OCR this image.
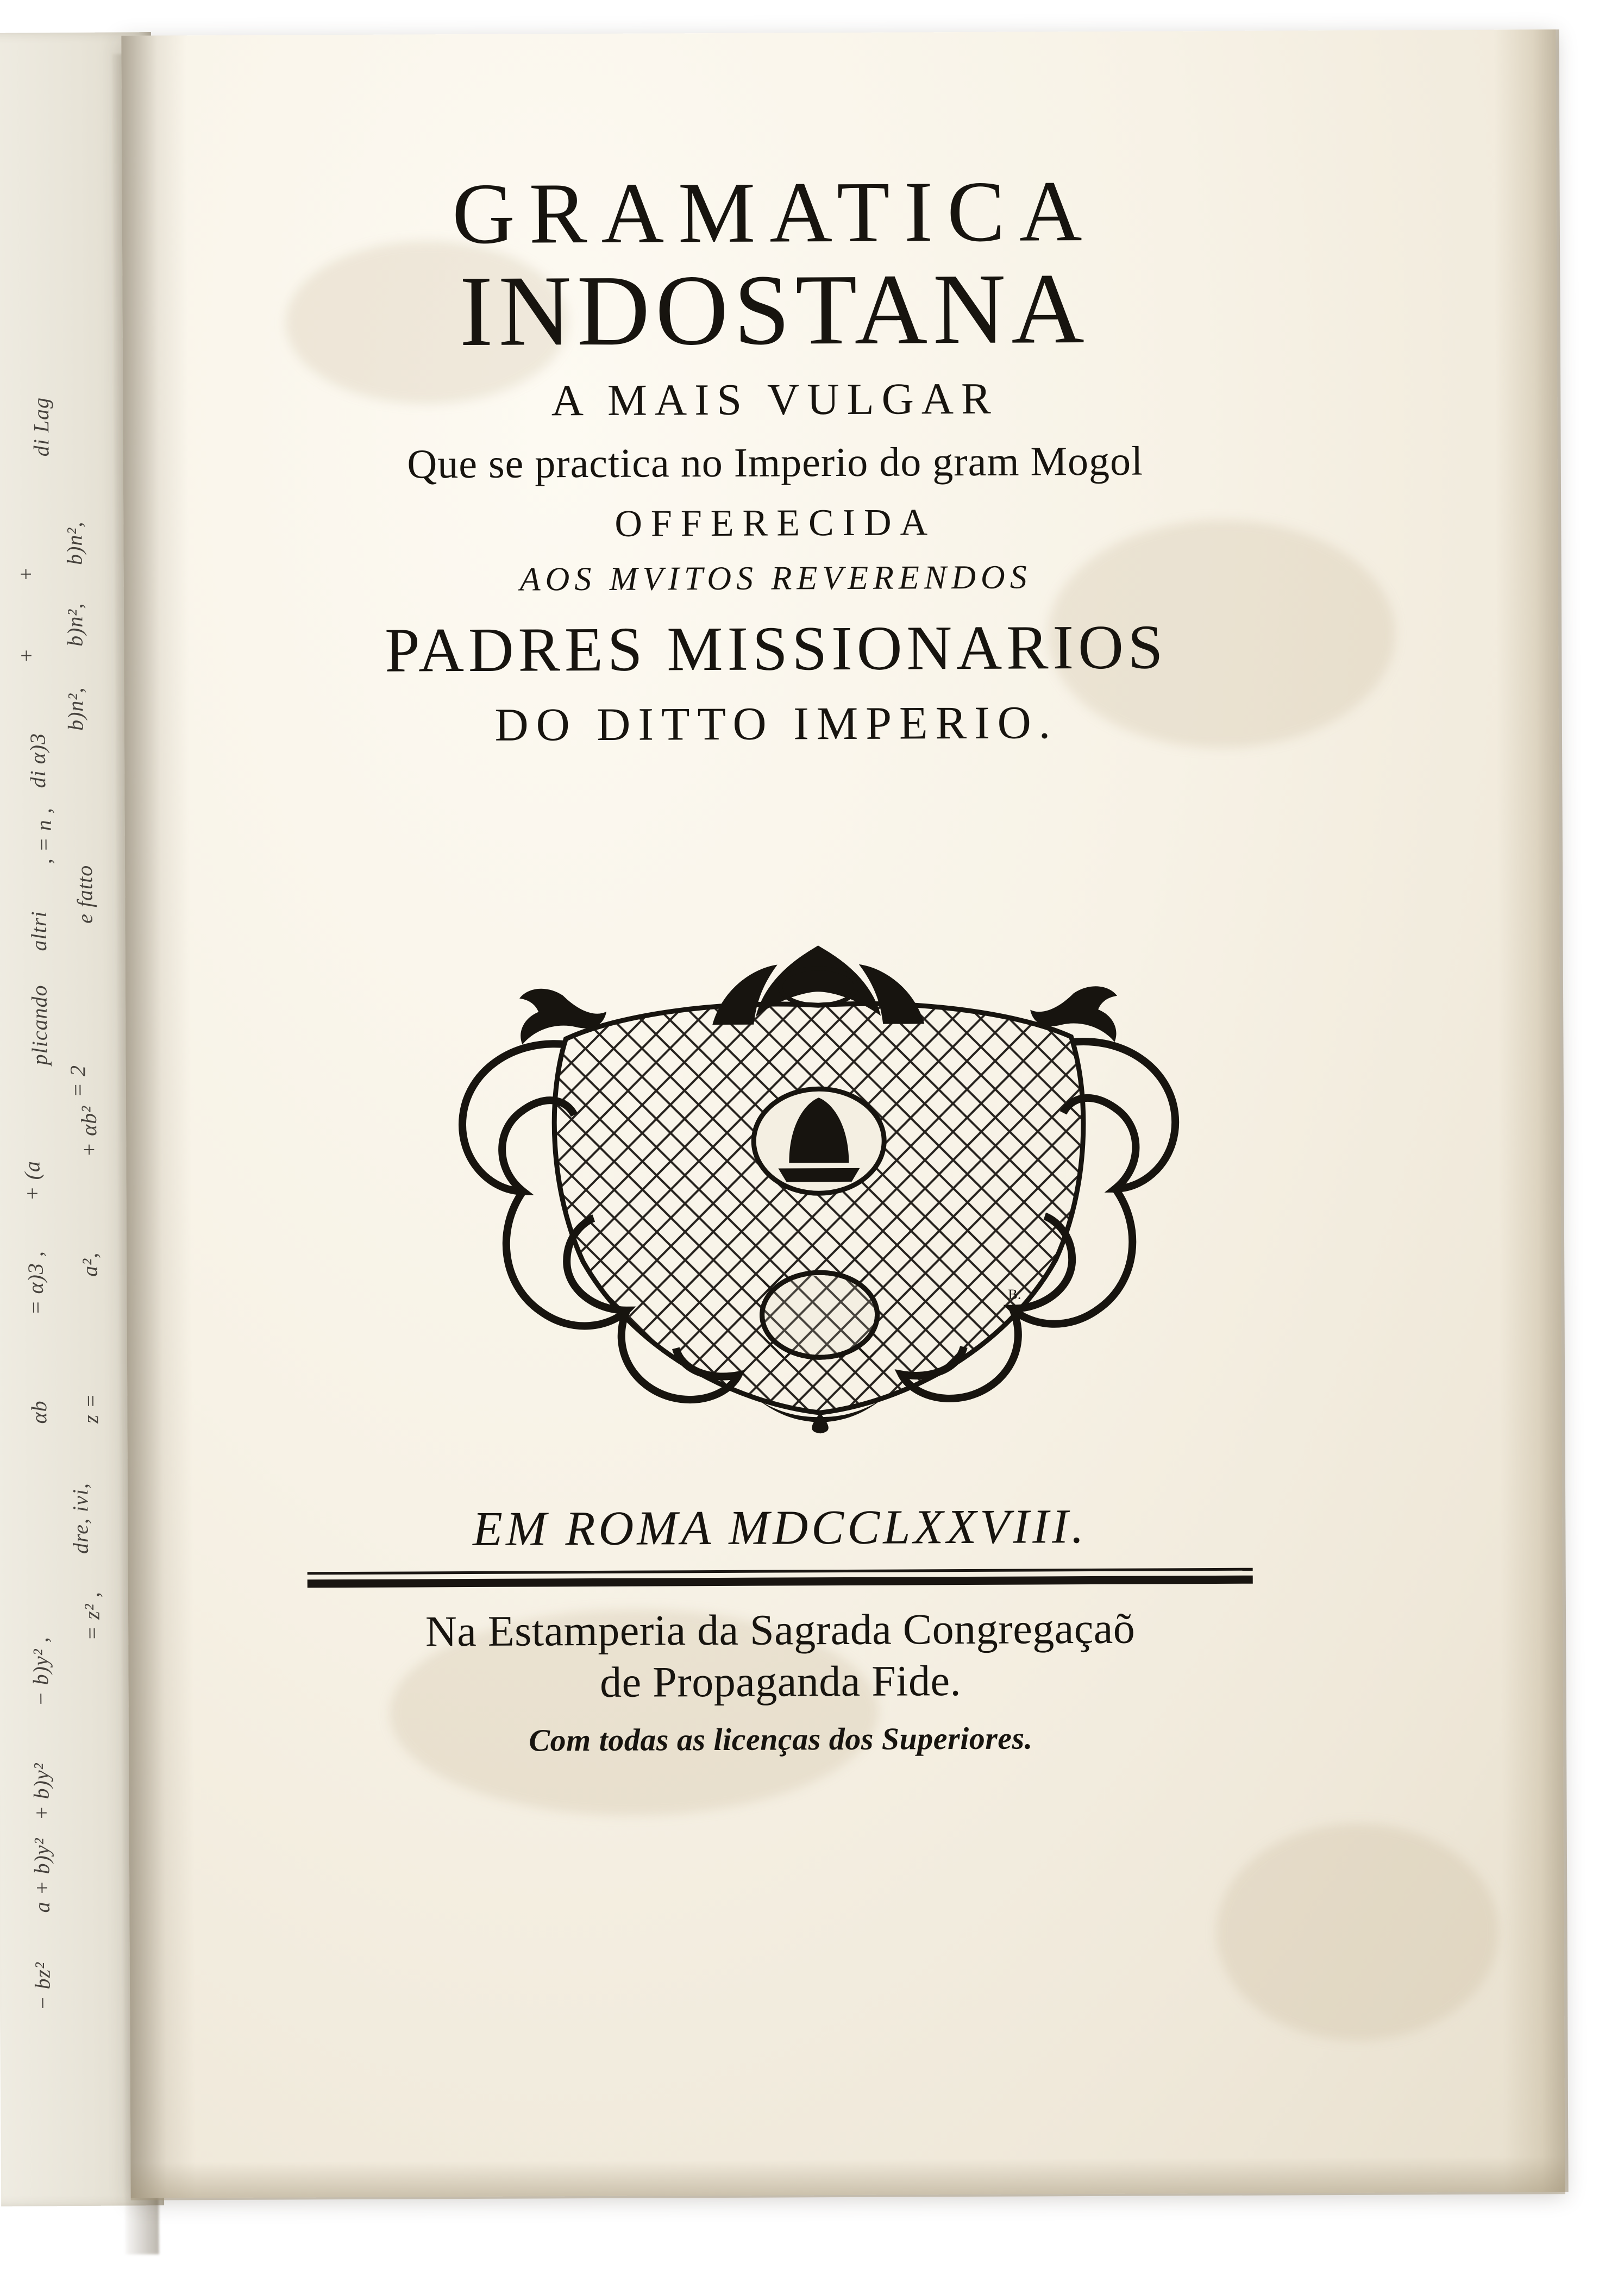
di Lag
b)n²,
+
b)n²,
+
b)n²,
di α)3
, = n ,
e fatto
altri
plicando
= 2
+ αb²
+ (a
a²,
= α)3 ,
z =
αb
dre, ivi,
= z² ,
− b)y² ,
+ b)y²
a + b)y²
− bz²
GRAMATICA
INDOSTANA
A MAIS VULGAR
Que se practica no Imperio do gram Mogol
OFFERECIDA
AOS MVITOS REVERENDOS
PADRES MISSIONARIOS
DO DITTO IMPERIO.
B.
EM ROMA MDCCLXXVIII.
Na Estamperia da Sagrada Congregaçaõ
de Propaganda Fide.
Com todas as licenças dos Superiores.
